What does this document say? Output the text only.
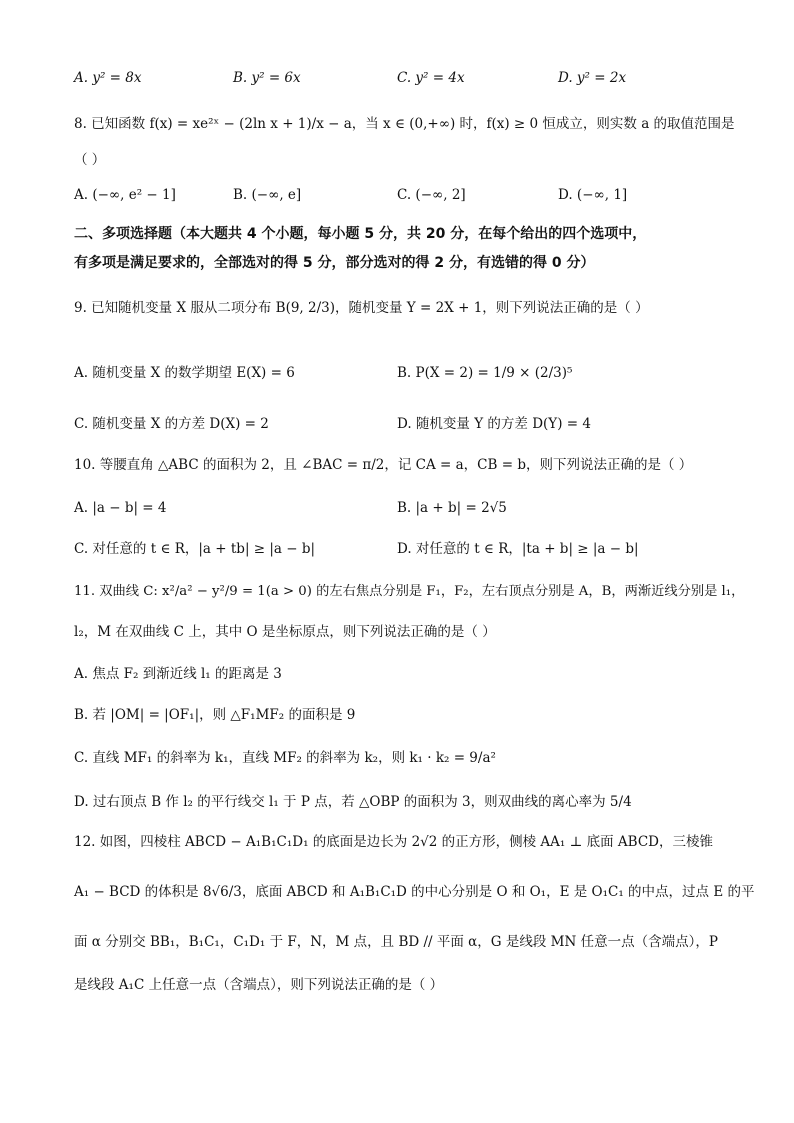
A. y² = 8x	B. y² = 6x	C. y² = 4x	D. y² = 2x
8. 已知函数 f(x) = xe²ˣ − (2ln x + 1)/x − a，当 x ∈ (0,+∞) 时，f(x) ≥ 0 恒成立，则实数 a 的取值范围是
（ ）
A. (−∞, e² − 1]	B. (−∞, e]	C. (−∞, 2]	D. (−∞, 1]
二、多项选择题（本大题共 4 个小题，每小题 5 分，共 20 分，在每个给出的四个选项中，
有多项是满足要求的，全部选对的得 5 分，部分选对的得 2 分，有选错的得 0 分）
9. 已知随机变量 X 服从二项分布 B(9, 2/3)，随机变量 Y = 2X + 1，则下列说法正确的是（ ）
A. 随机变量 X 的数学期望 E(X) = 6	B. P(X = 2) = 1/9 × (2/3)⁵
C. 随机变量 X 的方差 D(X) = 2	D. 随机变量 Y 的方差 D(Y) = 4
10. 等腰直角 △ABC 的面积为 2，且 ∠BAC = π/2，记 CA = a，CB = b，则下列说法正确的是（ ）
A. |a − b| = 4	B. |a + b| = 2√5
C. 对任意的 t ∈ R，|a + tb| ≥ |a − b|	D. 对任意的 t ∈ R，|ta + b| ≥ |a − b|
11. 双曲线 C: x²/a² − y²/9 = 1(a > 0) 的左右焦点分别是 F₁，F₂，左右顶点分别是 A，B，两渐近线分别是 l₁，
l₂，M 在双曲线 C 上，其中 O 是坐标原点，则下列说法正确的是（ ）
A. 焦点 F₂ 到渐近线 l₁ 的距离是 3
B. 若 |OM| = |OF₁|，则 △F₁MF₂ 的面积是 9
C. 直线 MF₁ 的斜率为 k₁，直线 MF₂ 的斜率为 k₂，则 k₁ · k₂ = 9/a²
D. 过右顶点 B 作 l₂ 的平行线交 l₁ 于 P 点，若 △OBP 的面积为 3，则双曲线的离心率为 5/4
12. 如图，四棱柱 ABCD − A₁B₁C₁D₁ 的底面是边长为 2√2 的正方形，侧棱 AA₁ ⊥ 底面 ABCD，三棱锥
A₁ − BCD 的体积是 8√6/3，底面 ABCD 和 A₁B₁C₁D 的中心分别是 O 和 O₁，E 是 O₁C₁ 的中点，过点 E 的平
面 α 分别交 BB₁，B₁C₁，C₁D₁ 于 F，N，M 点，且 BD // 平面 α，G 是线段 MN 任意一点（含端点），P
是线段 A₁C 上任意一点（含端点），则下列说法正确的是（ ）
